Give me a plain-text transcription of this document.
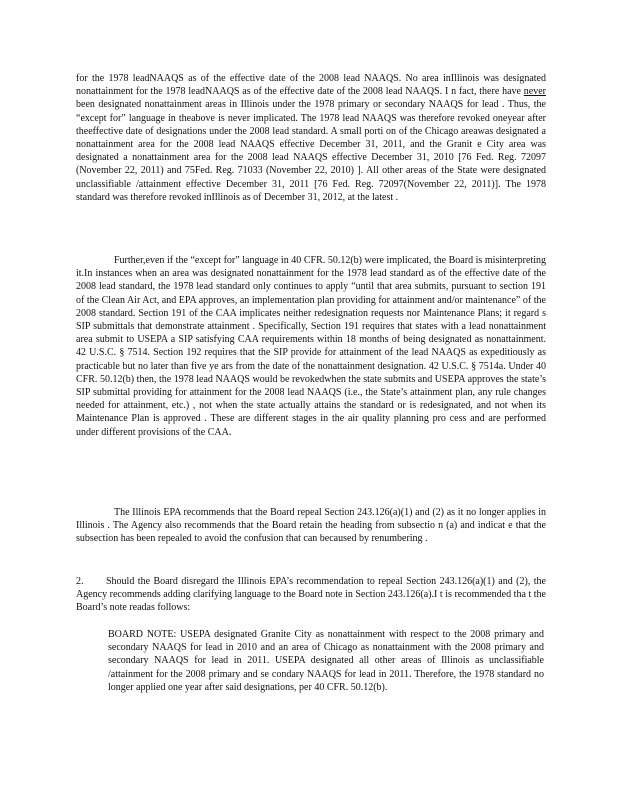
for the 1978 leadNAAQS as of the effective date of the 2008 lead NAAQS. No area inIllinois was designated nonattainment for the 1978 leadNAAQS as of the effective date of the 2008 lead NAAQS. I n fact, there have never been designated nonattainment areas in Illinois under the 1978 primary or secondary NAAQS for lead . Thus, the “except for” language in theabove is never implicated. The 1978 lead NAAQS was therefore revoked oneyear after theeffective date of designations under the 2008 lead standard. A small porti on of the Chicago areawas designated a nonattainment area for the 2008 lead NAAQS effective December 31, 2011, and the Granit e City area was designated a nonattainment area for the 2008 lead NAAQS effective December 31, 2010 [76 Fed. Reg. 72097 (November 22, 2011) and 75Fed. Reg. 71033 (November 22, 2010) ]. All other areas of the State were designated unclassifiable /attainment effective December 31, 2011 [76 Fed. Reg. 72097(November 22, 2011)]. The 1978 standard was therefore revoked inIllinois as of December 31, 2012, at the latest .

Further,even if the “except for” language in 40 CFR. 50.12(b) were implicated, the Board is misinterpreting it.In instances when an area was designated nonattainment for the 1978 lead standard as of the effective date of the 2008 lead standard, the 1978 lead standard only continues to apply “until that area submits, pursuant to section 191 of the Clean Air Act, and EPA approves, an implementation plan providing for attainment and/or maintenance” of the 2008 standard. Section 191 of the CAA implicates neither redesignation requests nor Maintenance Plans; it regard s SIP submittals that demonstrate attainment . Specifically, Section 191 requires that states with a lead nonattainment area submit to USEPA a SIP satisfying CAA requirements within 18 months of being designated as nonattainment. 42 U.S.C. § 7514. Section 192 requires that the SIP provide for attainment of the lead NAAQS as expeditiously as practicable but no later than five ye ars from the date of the nonattainment designation. 42 U.S.C. § 7514a. Under 40 CFR. 50.12(b) then, the 1978 lead NAAQS would be revokedwhen the state submits and USEPA approves the state’s SIP submittal providing for attainment for the 2008 lead NAAQS (i.e., the State’s attainment plan, any rule changes needed for attainment, etc.) , not when the state actually attains the standard or is redesignated, and not when its Maintenance Plan is approved . These are different stages in the air quality planning pro cess and are performed under different provisions of the CAA.

The Illinois EPA recommends that the Board repeal Section 243.126(a)(1) and (2) as it no longer applies in Illinois . The Agency also recommends that the Board retain the heading from subsectio n (a) and indicat e that the subsection has been repealed to avoid the confusion that can becaused by renumbering .

2. Should the Board disregard the Illinois EPA’s recommendation to repeal Section 243.126(a)(1) and (2), the Agency recommends adding clarifying language to the Board note in Section 243.126(a).I t is recommended tha t the Board’s note readas follows:

BOARD NOTE: USEPA designated Granite City as nonattainment with respect to the 2008 primary and secondary NAAQS for lead in 2010 and an area of Chicago as nonattainment with the 2008 primary and secondary NAAQS for lead in 2011. USEPA designated all other areas of Illinois as unclassifiable /attainment for the 2008 primary and se condary NAAQS for lead in 2011. Therefore, the 1978 standard no longer applied one year after said designations, per 40 CFR. 50.12(b).
